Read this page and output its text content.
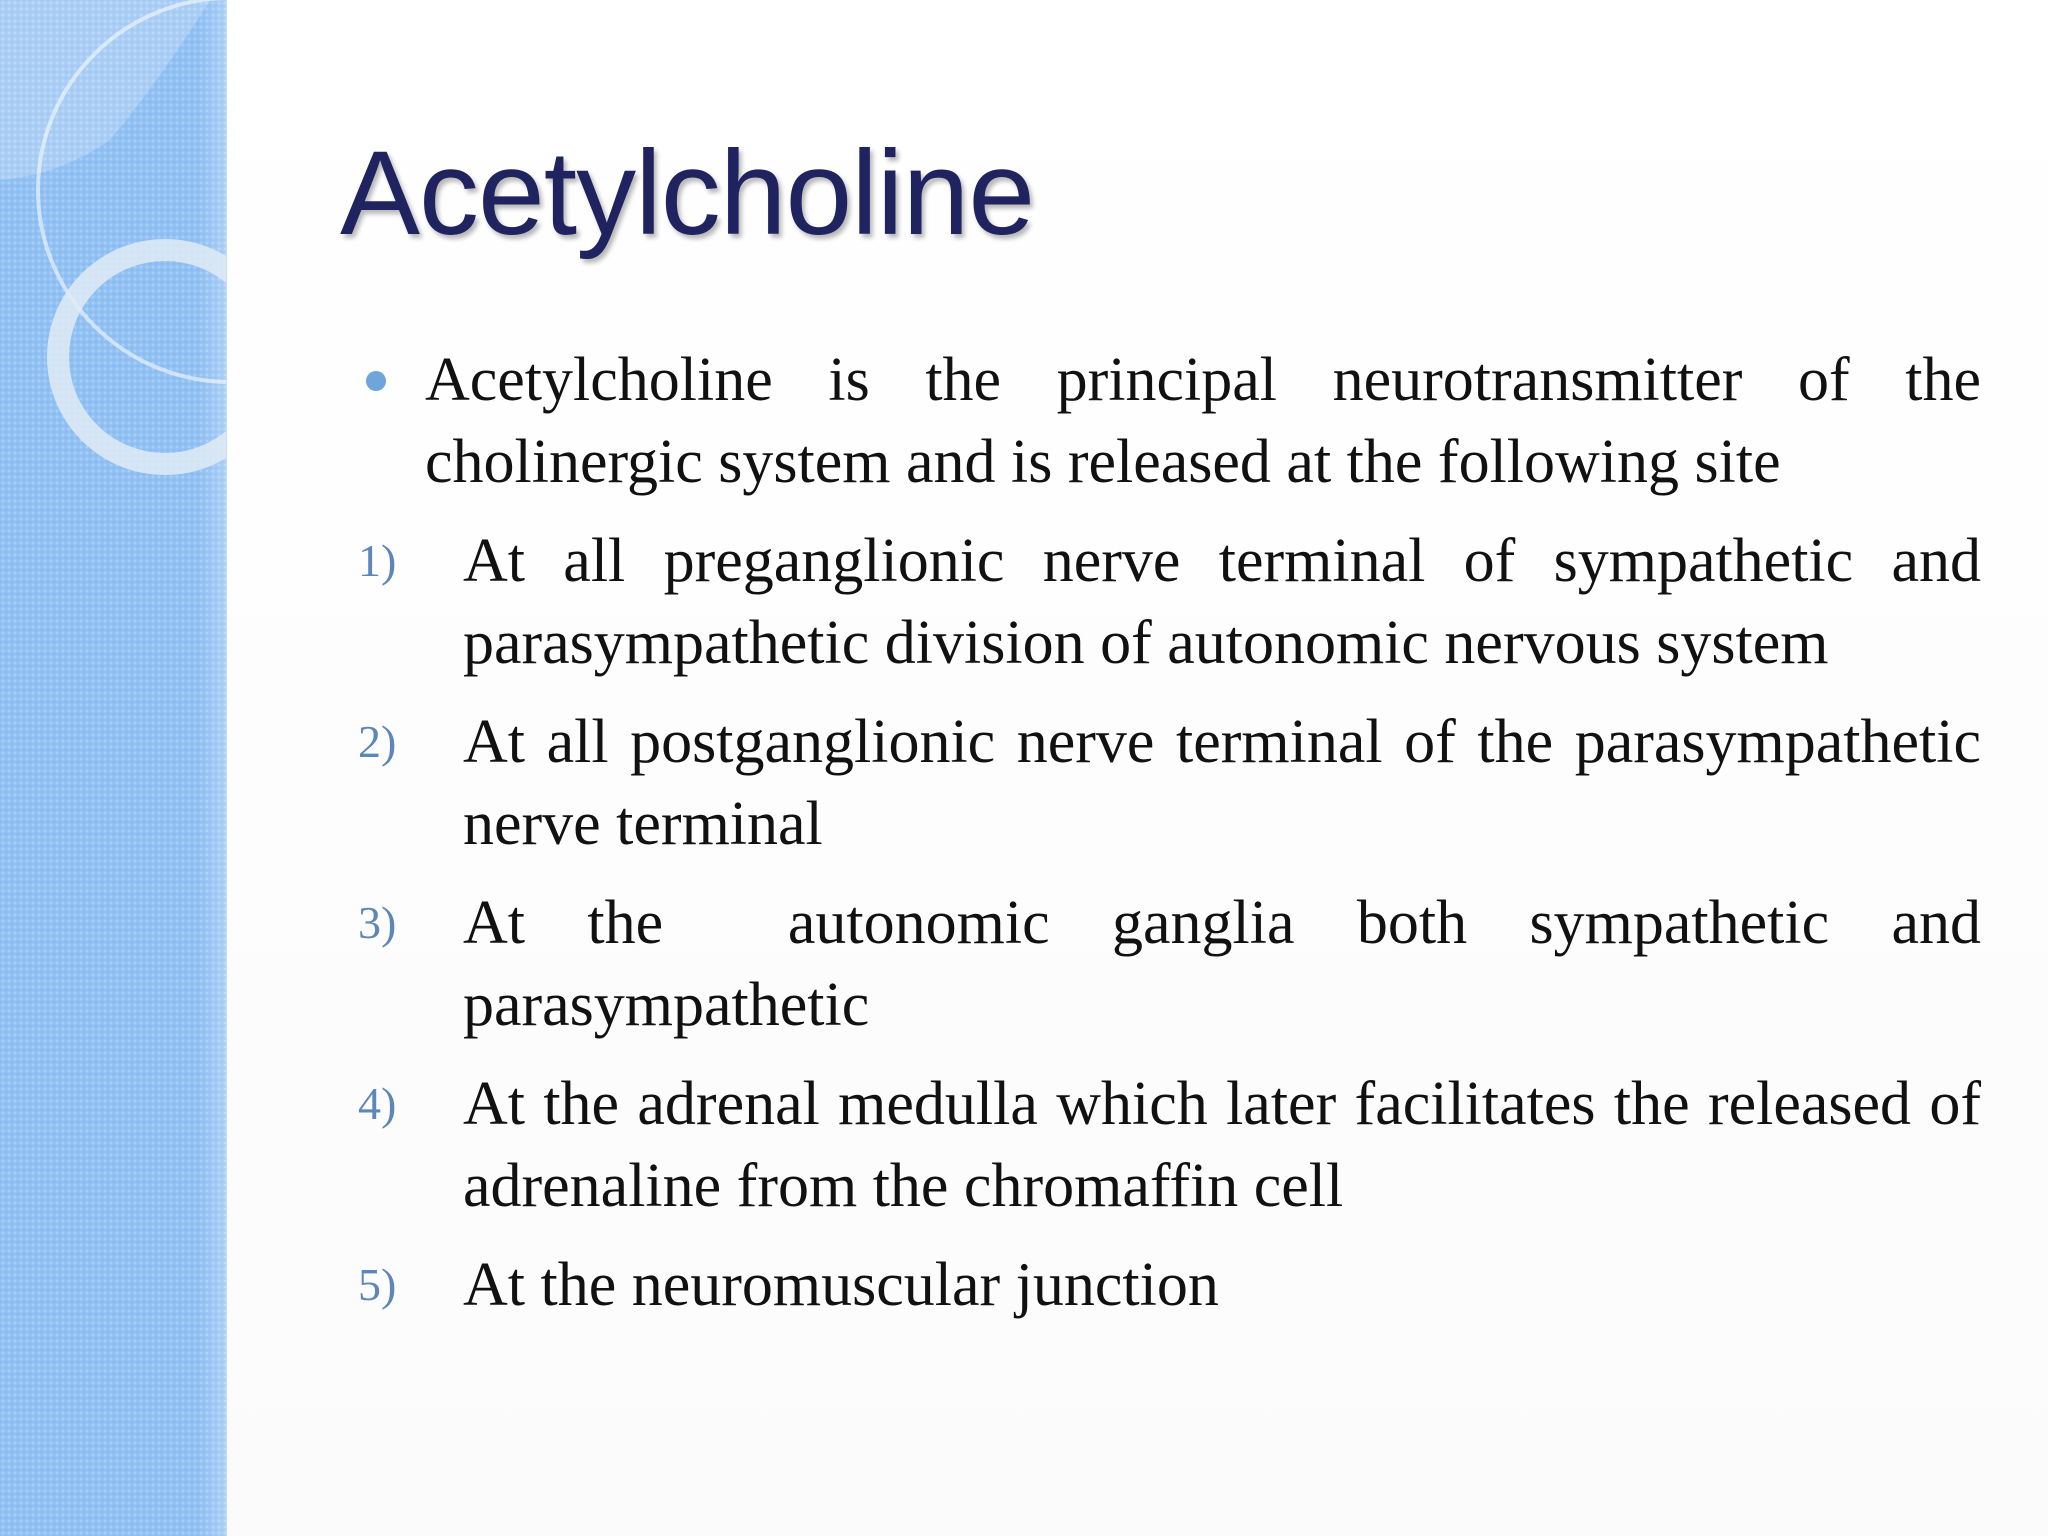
Acetylcholine
Acetylcholine is the principal neurotransmitter of the cholinergic system and is released at the following site
1) At all preganglionic nerve terminal of sympathetic and parasympathetic division of autonomic nervous system
2) At all postganglionic nerve terminal of the parasympathetic nerve terminal
3) At the  autonomic ganglia both sympathetic and parasympathetic
4) At the adrenal medulla which later facilitates the released of adrenaline from the chromaffin cell
5) At the neuromuscular junction
